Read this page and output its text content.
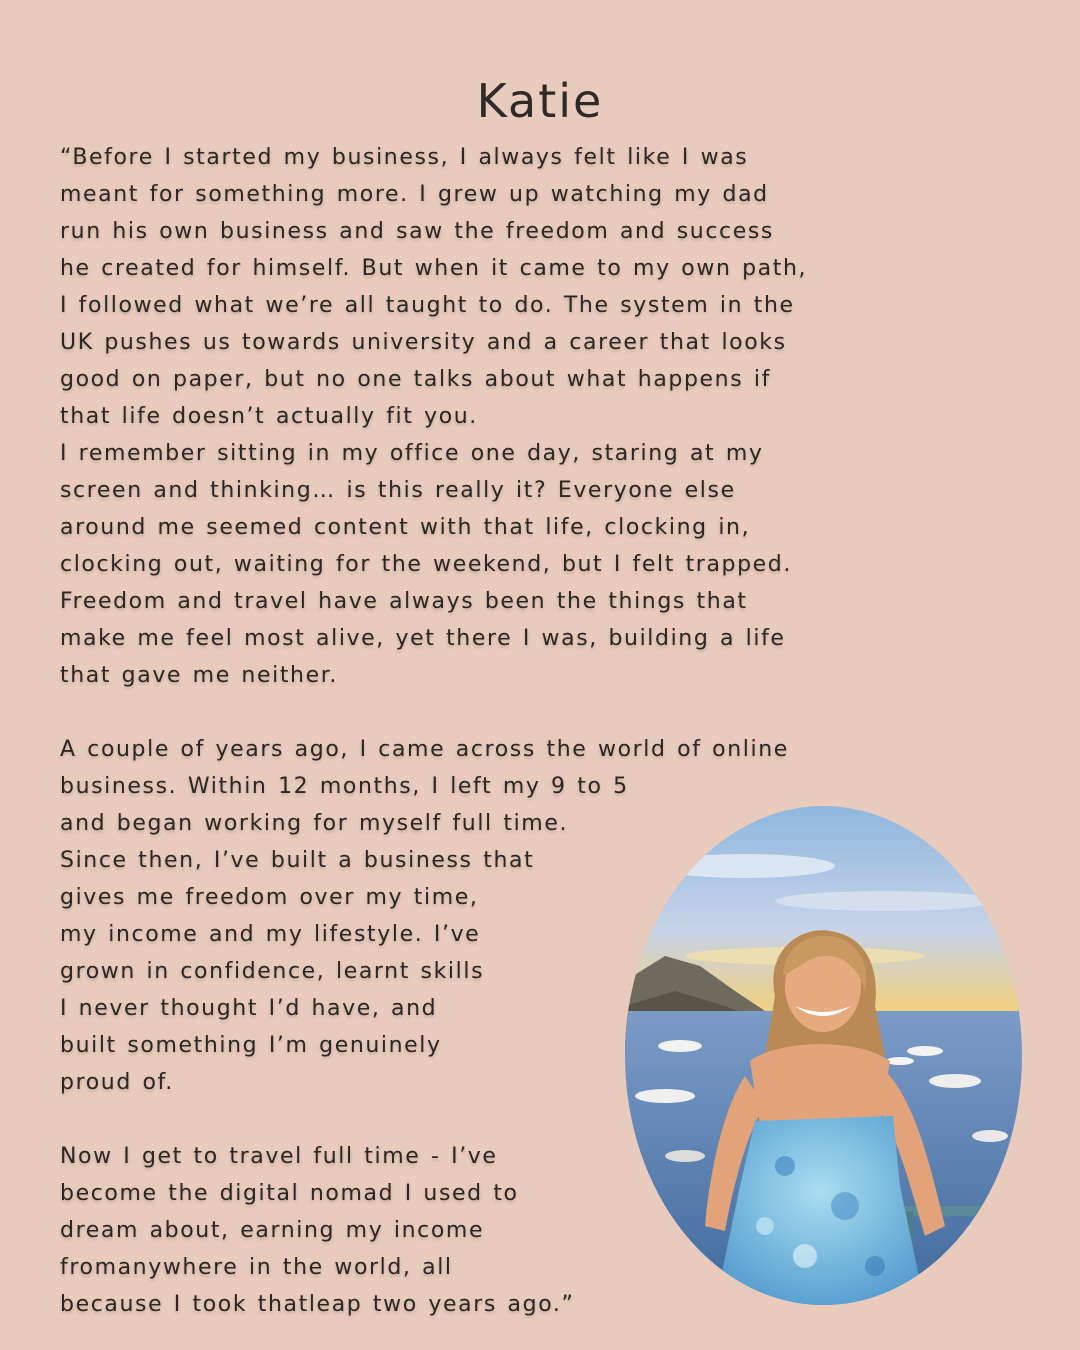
Katie
“Before I started my business, I always felt like I was
meant for something more. I grew up watching my dad
run his own business and saw the freedom and success
he created for himself. But when it came to my own path,
I followed what we’re all taught to do. The system in the
UK pushes us towards university and a career that looks
good on paper, but no one talks about what happens if
that life doesn’t actually fit you.
I remember sitting in my office one day, staring at my
screen and thinking… is this really it? Everyone else
around me seemed content with that life, clocking in,
clocking out, waiting for the weekend, but I felt trapped.
Freedom and travel have always been the things that
make me feel most alive, yet there I was, building a life
that gave me neither.
A couple of years ago, I came across the world of online
business. Within 12 months, I left my 9 to 5
and began working for myself full time.
Since then, I’ve built a business that
gives me freedom over my time,
my income and my lifestyle. I’ve
grown in confidence, learnt skills
I never thought I’d have, and
built something I’m genuinely
proud of.
Now I get to travel full time - I’ve
become the digital nomad I used to
dream about, earning my income
fromanywhere in the world, all
because I took thatleap two years ago.”
